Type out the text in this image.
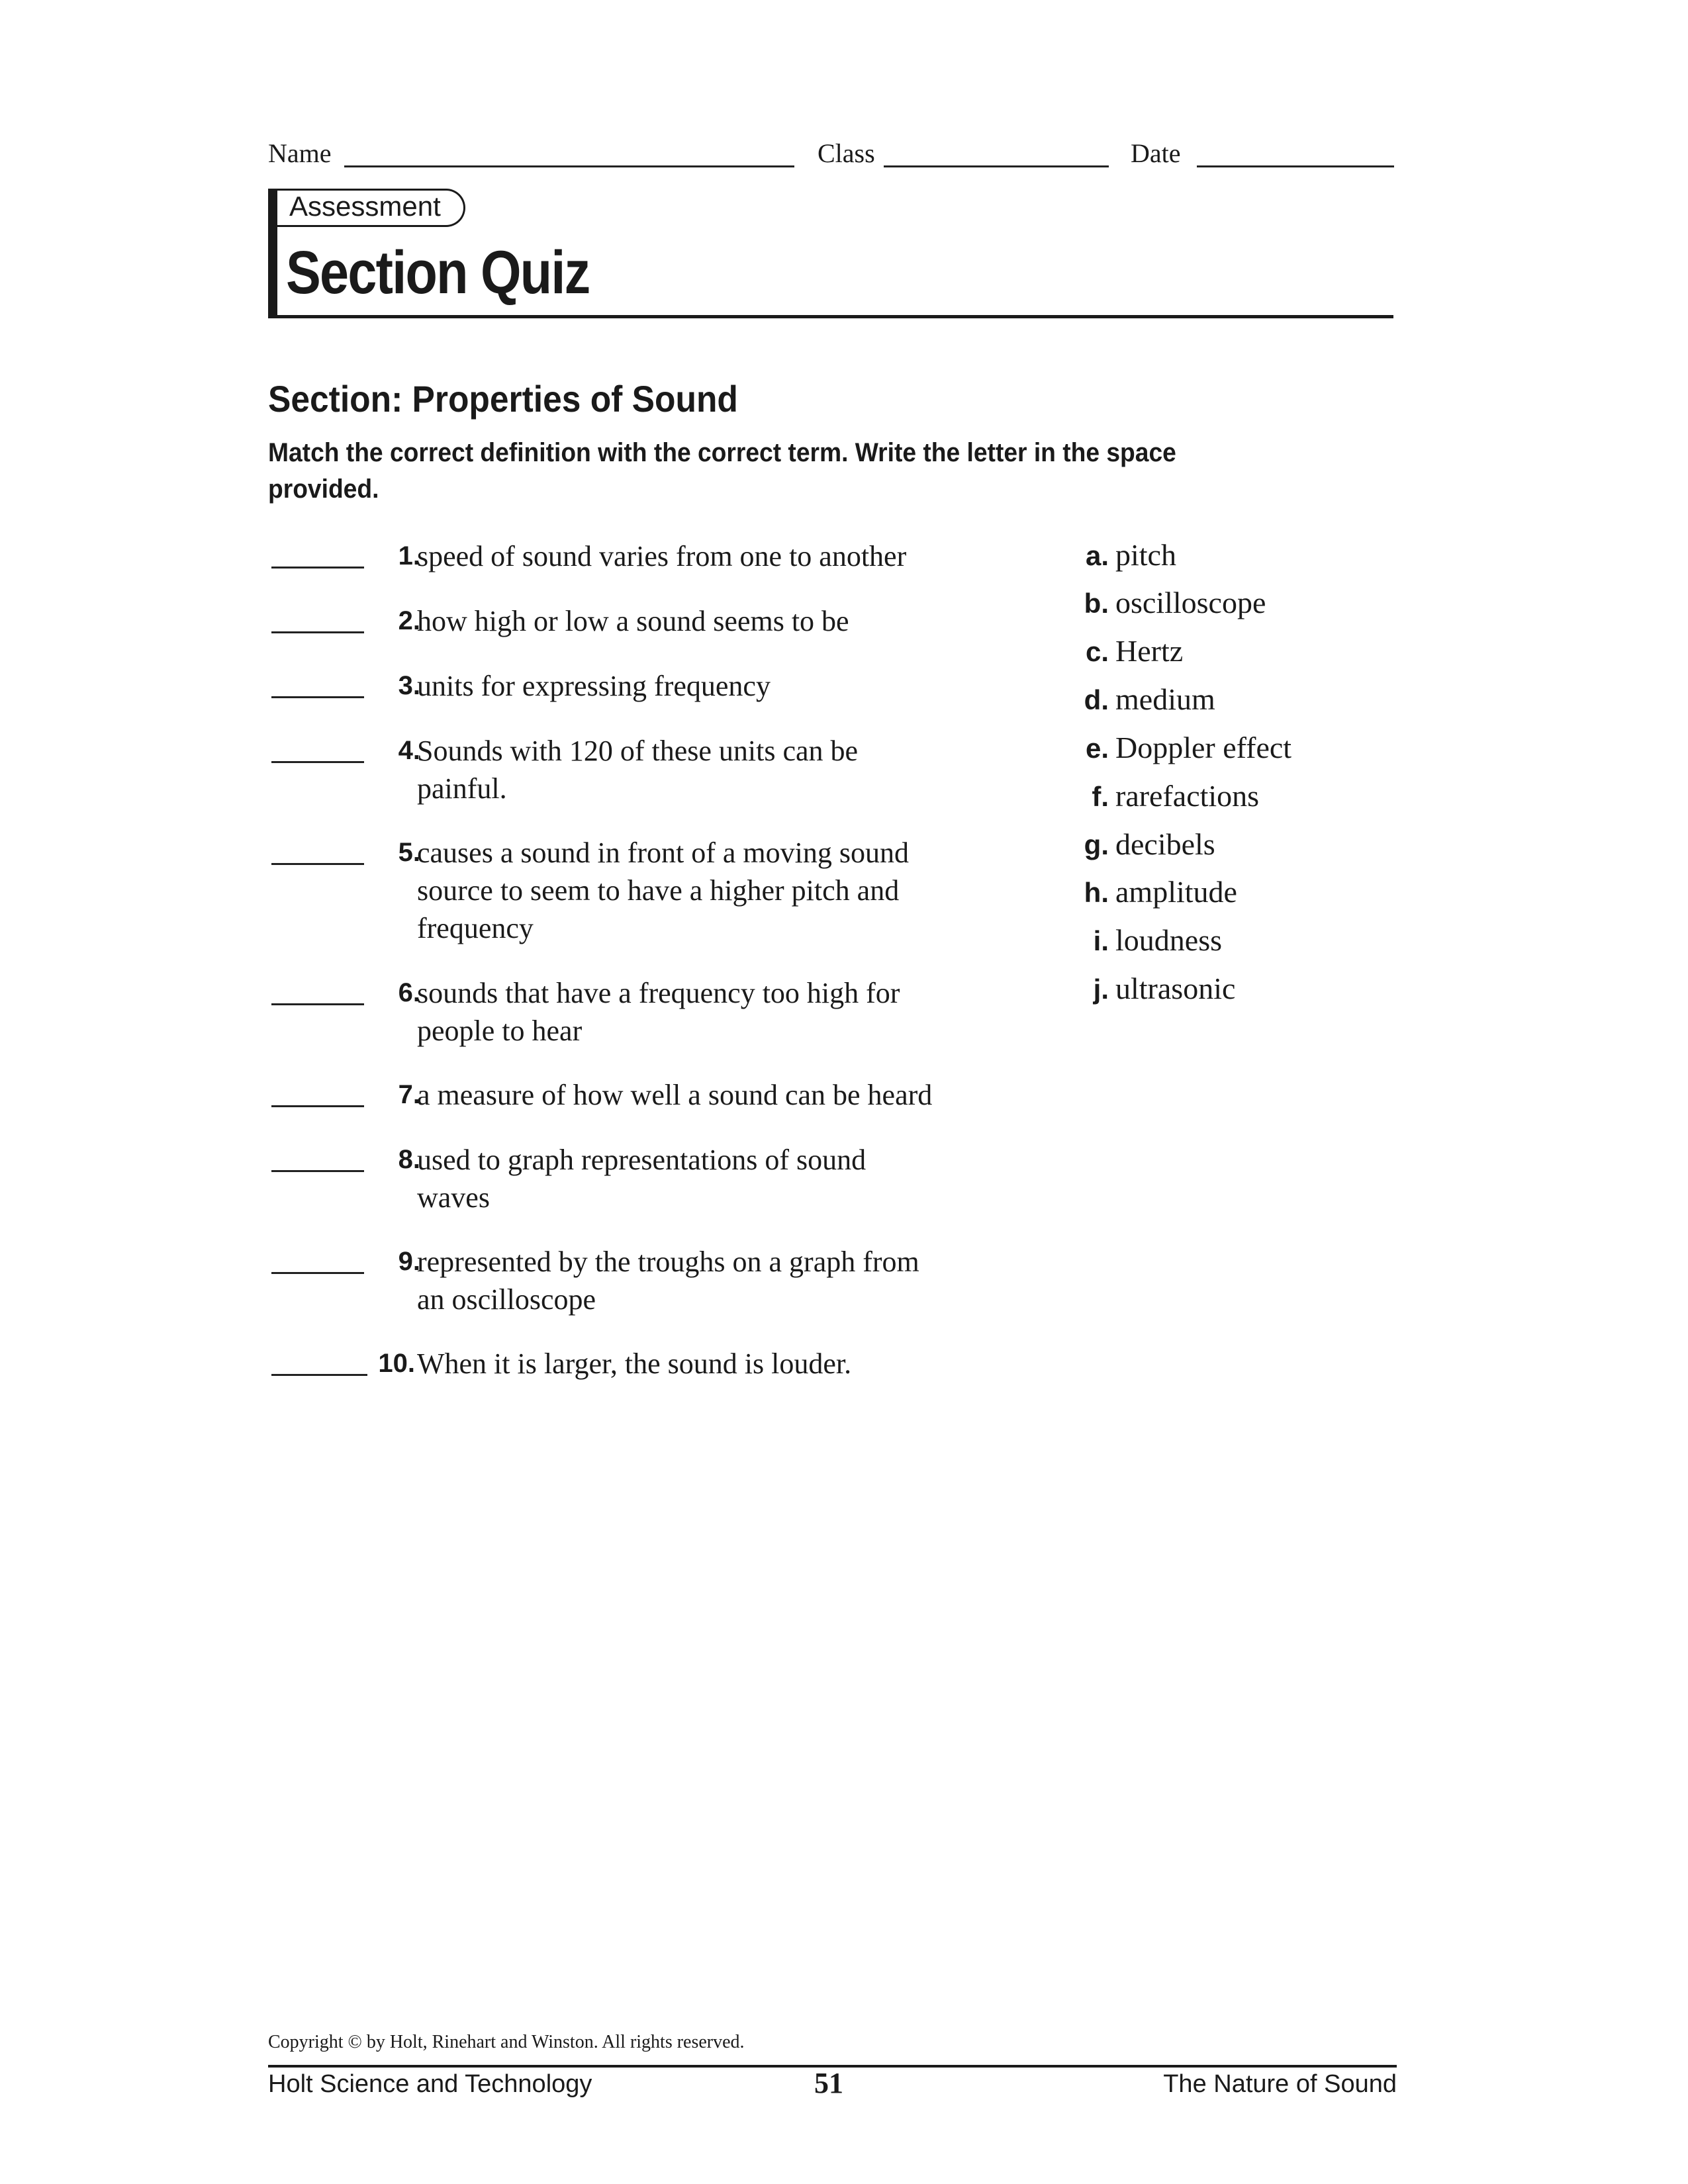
Name	Class	Date
Assessment
Section Quiz
Section: Properties of Sound
Match the correct definition with the correct term. Write the letter in the space
provided.
1.
speed of sound varies from one to another
2.
how high or low a sound seems to be
3.
units for expressing frequency
4.
Sounds with 120 of these units can be
painful.
5.
causes a sound in front of a moving sound
source to seem to have a higher pitch and
frequency
6.
sounds that have a frequency too high for
people to hear
7.
a measure of how well a sound can be heard
8.
used to graph representations of sound
waves
9.
represented by the troughs on a graph from
an oscilloscope
10. When it is larger, the sound is louder.
a. pitch
b. oscilloscope
c. Hertz
d. medium
e. Doppler effect
f. rarefactions
g. decibels
h. amplitude
i. loudness
j. ultrasonic
Copyright © by Holt, Rinehart and Winston. All rights reserved.
Holt Science and Technology	51	The Nature of Sound
